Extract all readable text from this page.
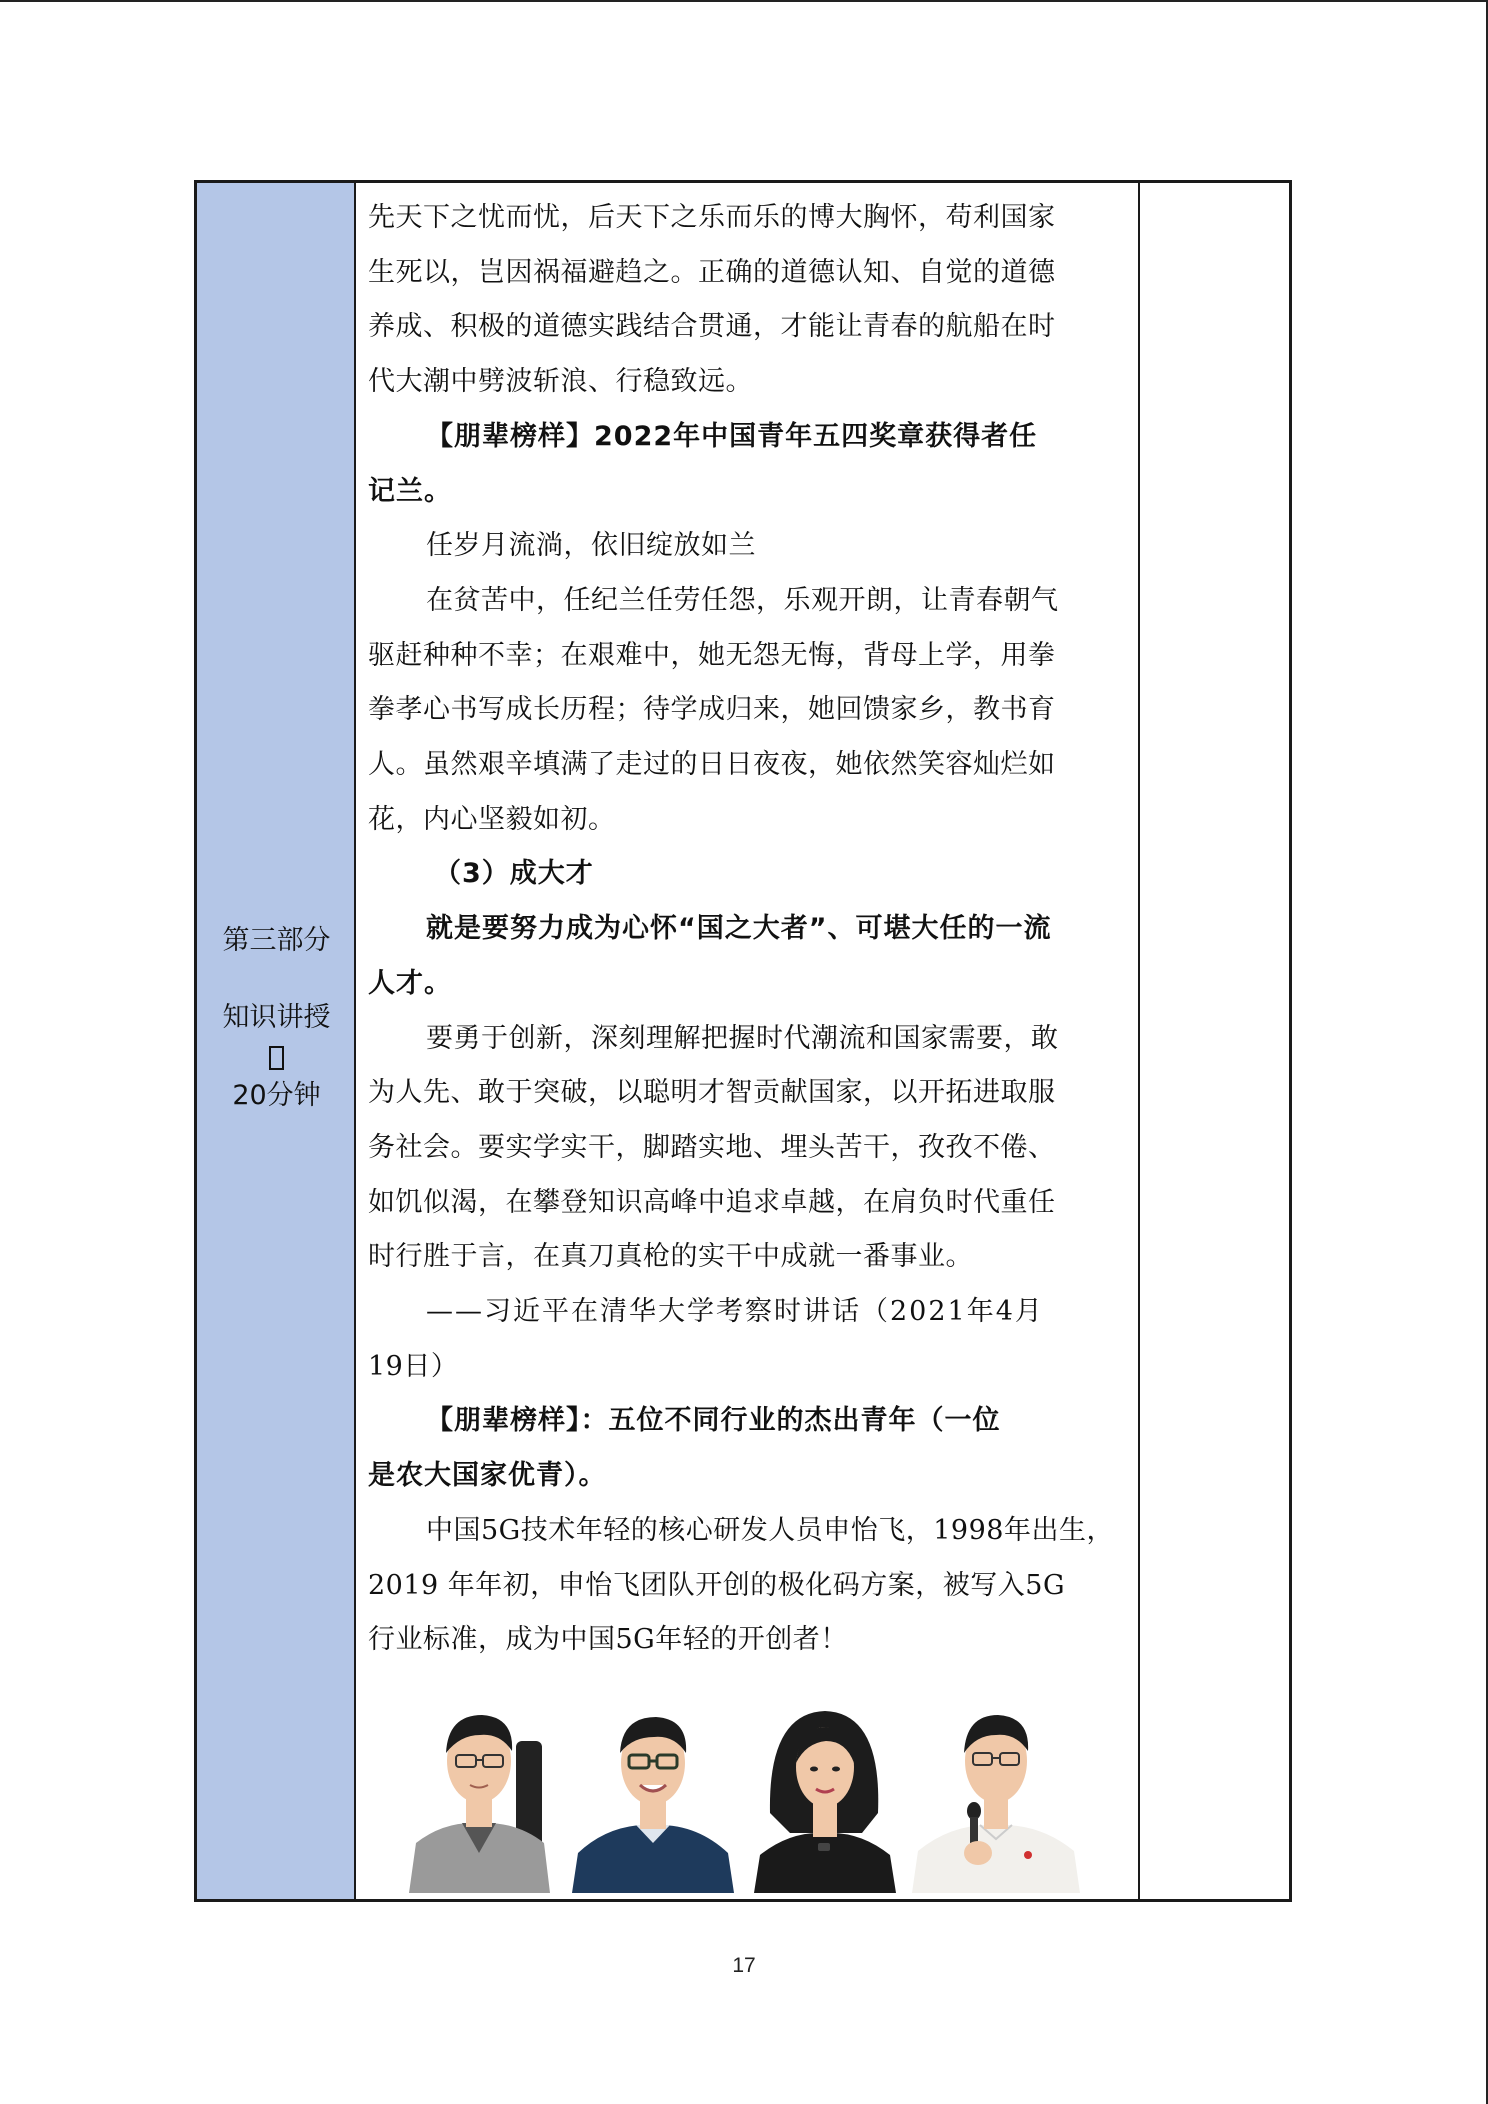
第三部分
知识讲授
20分钟

先天下之忧而忧，后天下之乐而乐的博大胸怀，苟利国家

生死以，岂因祸福避趋之。正确的道德认知、自觉的道德

养成、积极的道德实践结合贯通，才能让青春的航船在时

代大潮中劈波斩浪、行稳致远。

【朋辈榜样】2022年中国青年五四奖章获得者任

记兰。

任岁月流淌，依旧绽放如兰

在贫苦中，任纪兰任劳任怨，乐观开朗，让青春朝气

驱赶种种不幸；在艰难中，她无怨无悔，背母上学，用拳

拳孝心书写成长历程；待学成归来，她回馈家乡，教书育

人。虽然艰辛填满了走过的日日夜夜，她依然笑容灿烂如

花，内心坚毅如初。

（3）成大才

就是要努力成为心怀“国之大者”、可堪大任的一流

人才。

要勇于创新，深刻理解把握时代潮流和国家需要，敢

为人先、敢于突破，以聪明才智贡献国家，以开拓进取服

务社会。要实学实干，脚踏实地、埋头苦干，孜孜不倦、

如饥似渴，在攀登知识高峰中追求卓越，在肩负时代重任

时行胜于言，在真刀真枪的实干中成就一番事业。

——习近平在清华大学考察时讲话（2021年4月

19日）

【朋辈榜样】：五位不同行业的杰出青年（一位

是农大国家优青）。

中国5G技术年轻的核心研发人员申怡飞，1998年出生，

2019 年年初，申怡飞团队开创的极化码方案，被写入5G

行业标准，成为中国5G年轻的开创者！

17
